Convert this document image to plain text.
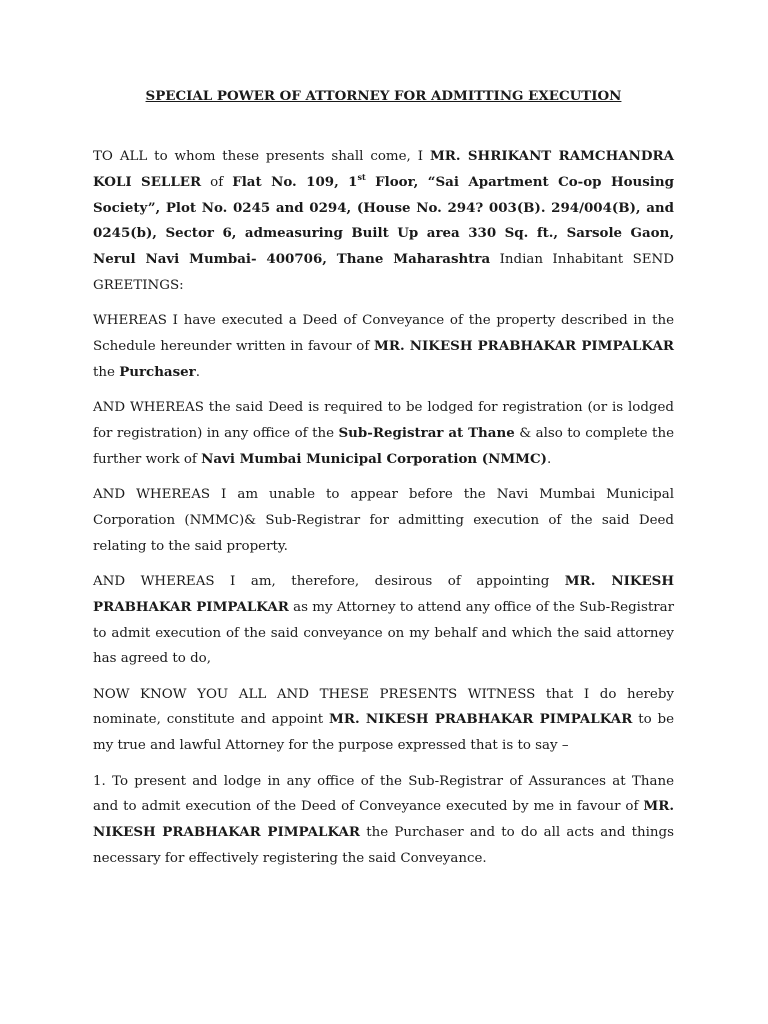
SPECIAL POWER OF ATTORNEY FOR ADMITTING EXECUTION

TO ALL to whom these presents shall come, I MR. SHRIKANT RAMCHANDRA KOLI SELLER of Flat No. 109, 1st Floor, “Sai Apartment Co-op Housing Society”, Plot No. 0245 and 0294, (House No. 294? 003(B). 294/004(B), and 0245(b), Sector 6, admeasuring Built Up area 330 Sq. ft., Sarsole Gaon, Nerul Navi Mumbai- 400706, Thane Maharashtra Indian Inhabitant SEND GREETINGS:

WHEREAS I have executed a Deed of Conveyance of the property described in the Schedule hereunder written in favour of MR. NIKESH PRABHAKAR PIMPALKAR the Purchaser.

AND WHEREAS the said Deed is required to be lodged for registration (or is lodged for registration) in any office of the Sub-Registrar at Thane & also to complete the further work of Navi Mumbai Municipal Corporation (NMMC).

AND WHEREAS I am unable to appear before the Navi Mumbai Municipal Corporation (NMMC)& Sub-Registrar for admitting execution of the said Deed relating to the said property.

AND WHEREAS I am, therefore, desirous of appointing MR. NIKESH PRABHAKAR PIMPALKAR as my Attorney to attend any office of the Sub-Registrar to admit execution of the said conveyance on my behalf and which the said attorney has agreed to do,

NOW KNOW YOU ALL AND THESE PRESENTS WITNESS that I do hereby nominate, constitute and appoint MR. NIKESH PRABHAKAR PIMPALKAR to be my true and lawful Attorney for the purpose expressed that is to say –

1. To present and lodge in any office of the Sub-Registrar of Assurances at Thane and to admit execution of the Deed of Conveyance executed by me in favour of MR. NIKESH PRABHAKAR PIMPALKAR the Purchaser and to do all acts and things necessary for effectively registering the said Conveyance.
